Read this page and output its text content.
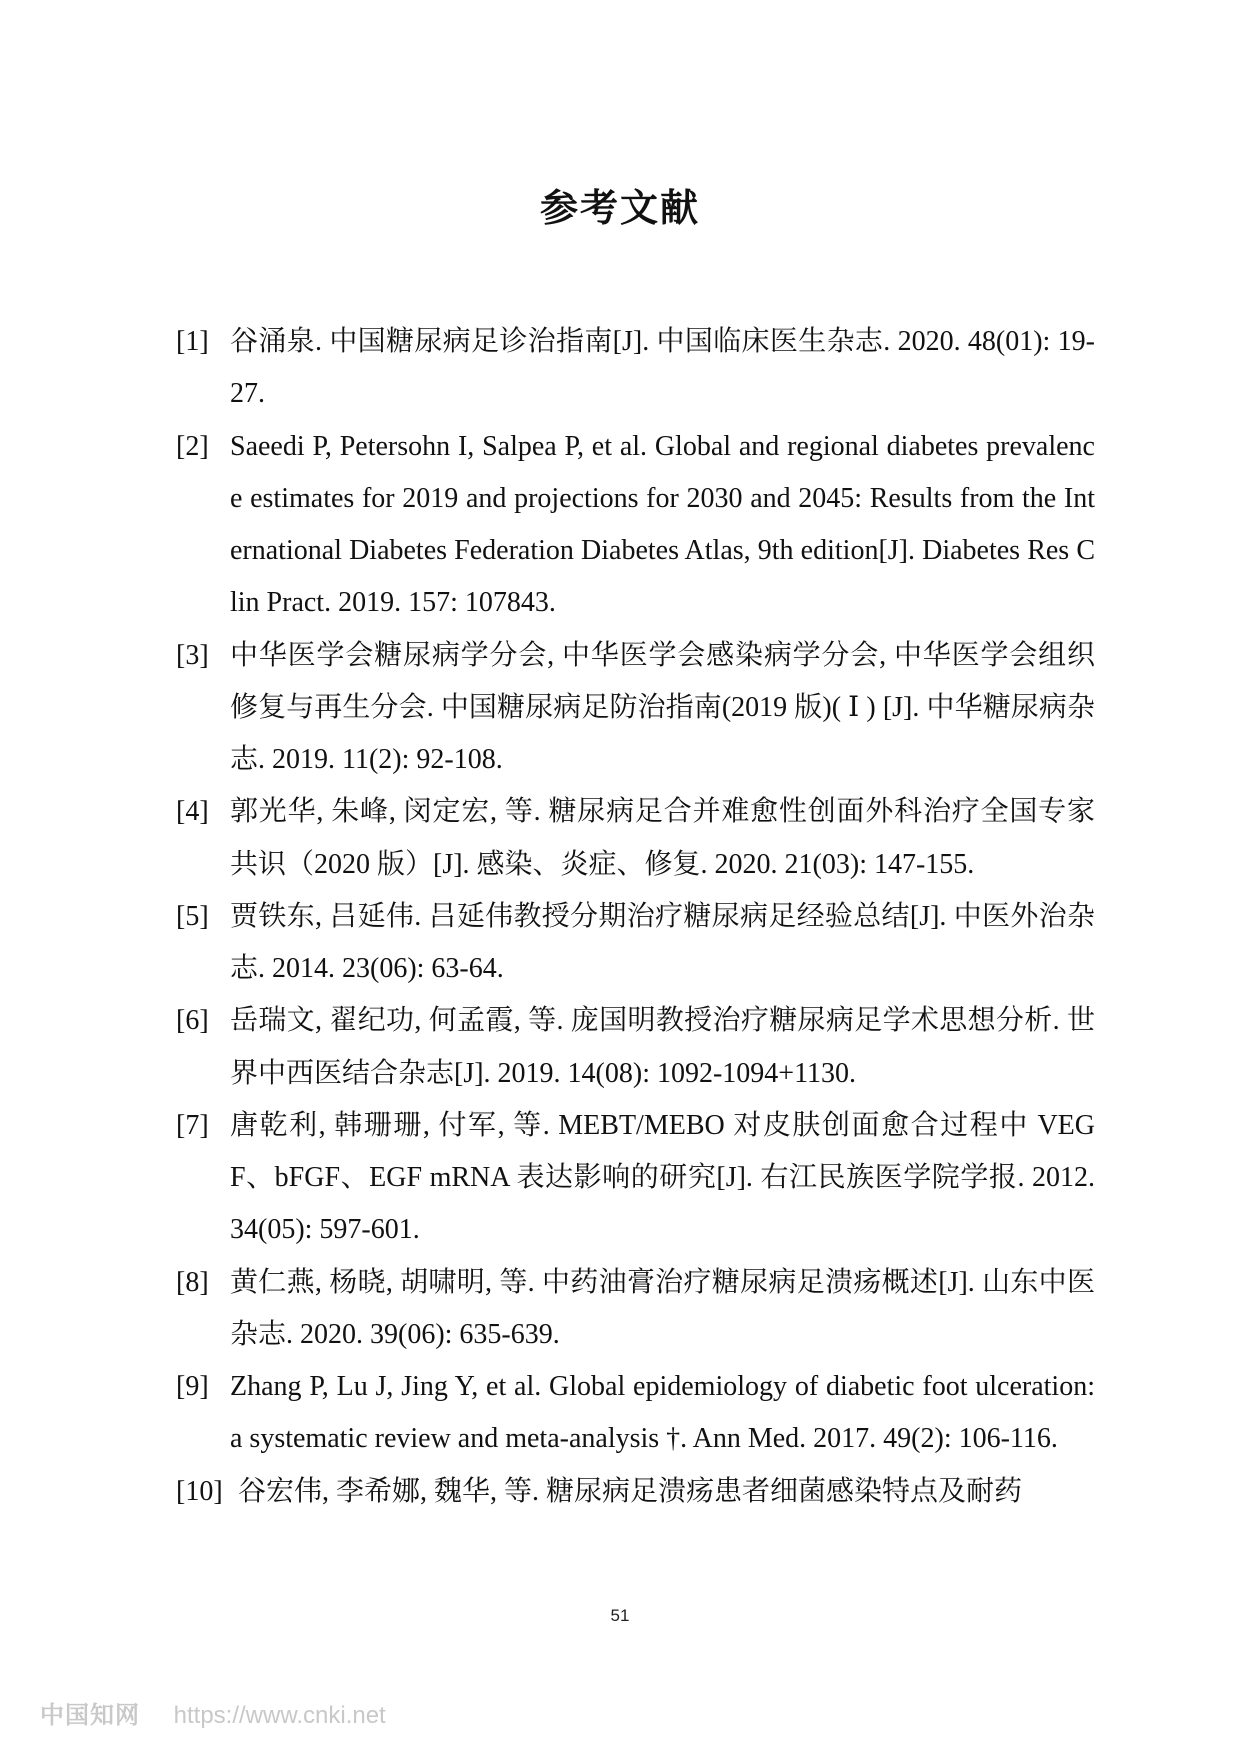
参考文献
[1] 谷涌泉. 中国糖尿病足诊治指南[J]. 中国临床医生杂志. 2020. 48(01): 19-27.
[2] Saeedi P, Petersohn I, Salpea P, et al. Global and regional diabetes prevalence estimates for 2019 and projections for 2030 and 2045: Results from the International Diabetes Federation Diabetes Atlas, 9th edition[J]. Diabetes Res Clin Pract. 2019. 157: 107843.
[3] 中华医学会糖尿病学分会, 中华医学会感染病学分会, 中华医学会组织修复与再生分会. 中国糖尿病足防治指南(2019 版)( Ⅰ ) [J]. 中华糖尿病杂志. 2019. 11(2): 92-108.
[4] 郭光华, 朱峰, 闵定宏, 等. 糖尿病足合并难愈性创面外科治疗全国专家共识（2020 版）[J]. 感染、炎症、修复. 2020. 21(03): 147-155.
[5] 贾铁东, 吕延伟. 吕延伟教授分期治疗糖尿病足经验总结[J]. 中医外治杂志. 2014. 23(06): 63-64.
[6] 岳瑞文, 翟纪功, 何孟霞, 等. 庞国明教授治疗糖尿病足学术思想分析. 世界中西医结合杂志[J]. 2019. 14(08): 1092-1094+1130.
[7] 唐乾利, 韩珊珊, 付军, 等. MEBT/MEBO 对皮肤创面愈合过程中 VEGF、bFGF、EGF mRNA 表达影响的研究[J]. 右江民族医学院学报. 2012. 34(05): 597-601.
[8] 黄仁燕, 杨晓, 胡啸明, 等. 中药油膏治疗糖尿病足溃疡概述[J]. 山东中医杂志. 2020. 39(06): 635-639.
[9] Zhang P, Lu J, Jing Y, et al. Global epidemiology of diabetic foot ulceration: a systematic review and meta-analysis †. Ann Med. 2017. 49(2): 106-116.
[10] 谷宏伟, 李希娜, 魏华, 等. 糖尿病足溃疡患者细菌感染特点及耐药
51
中国知网 https://www.cnki.net
